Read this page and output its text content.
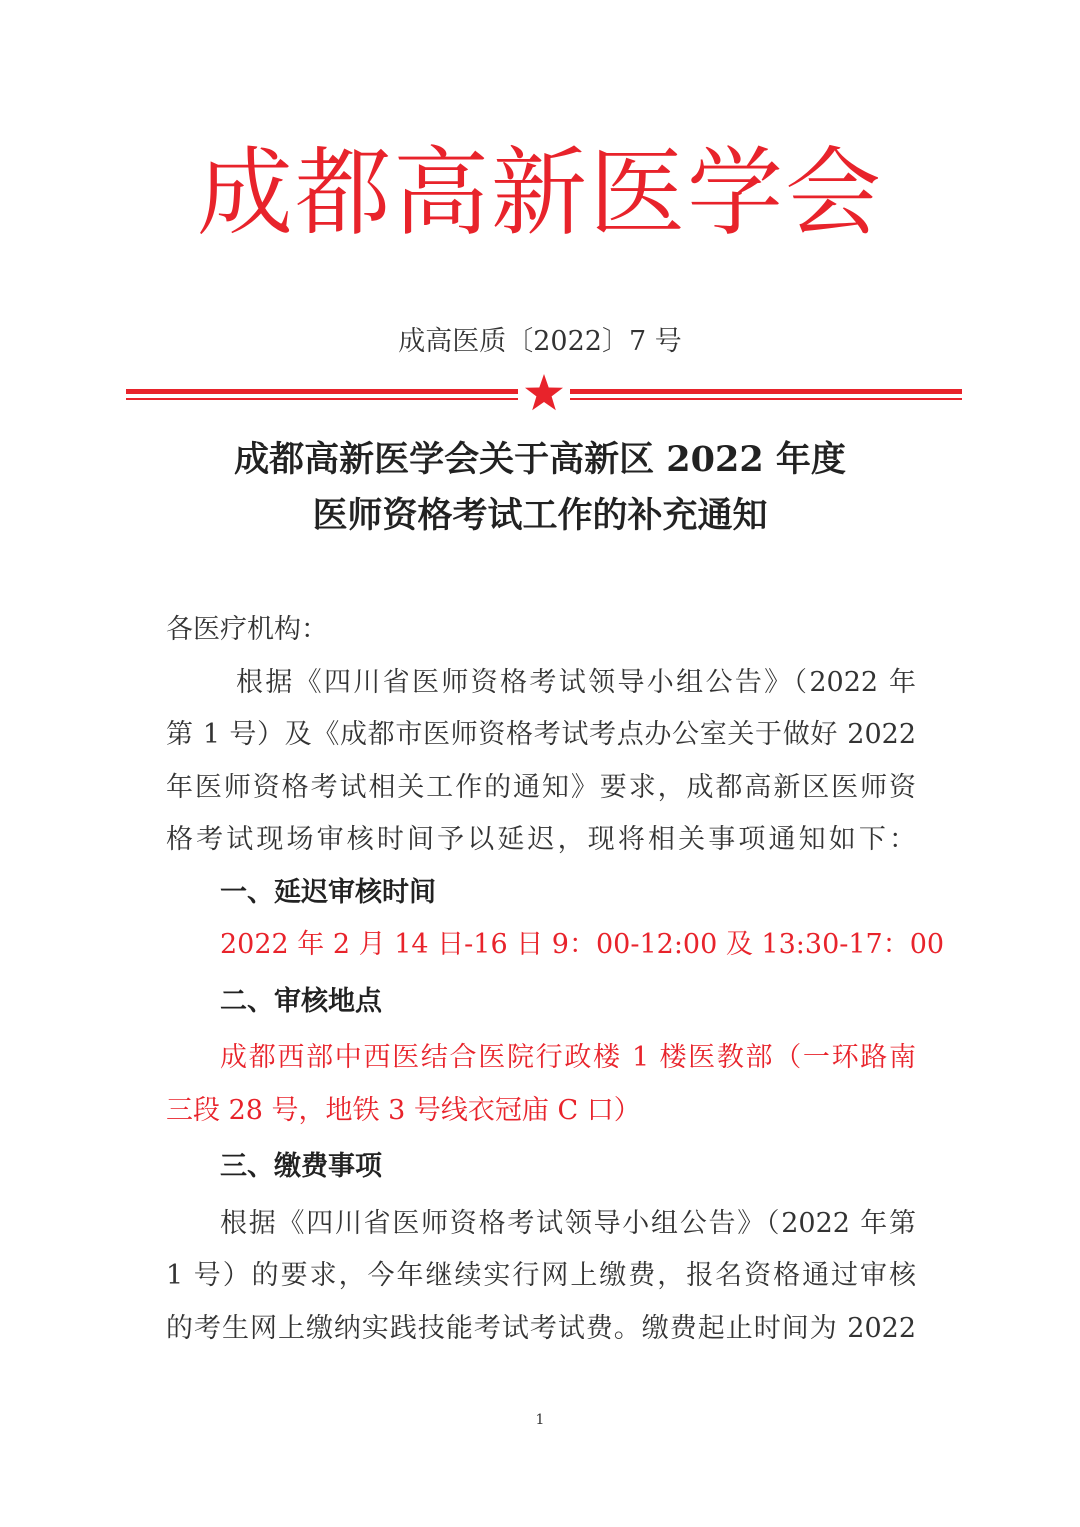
成都高新医学会
成高医质〔2022〕7 号
成都高新医学会关于高新区 2022 年度
医师资格考试工作的补充通知

各医疗机构：

根据《四川省医师资格考试领导小组公告》（2022 年

第 1 号）及《成都市医师资格考试考点办公室关于做好 2022

年医师资格考试相关工作的通知》要求，成都高新区医师资

格考试现场审核时间予以延迟，现将相关事项通知如下：

一、延迟审核时间

2022 年 2 月 14 日-16 日 9：00-12:00 及 13:30-17：00

二、审核地点

成都西部中西医结合医院行政楼 1 楼医教部（一环路南

三段 28 号，地铁 3 号线衣冠庙 C 口）

三、缴费事项

根据《四川省医师资格考试领导小组公告》（2022 年第

1 号）的要求，今年继续实行网上缴费，报名资格通过审核

的考生网上缴纳实践技能考试考试费。缴费起止时间为 2022

1
